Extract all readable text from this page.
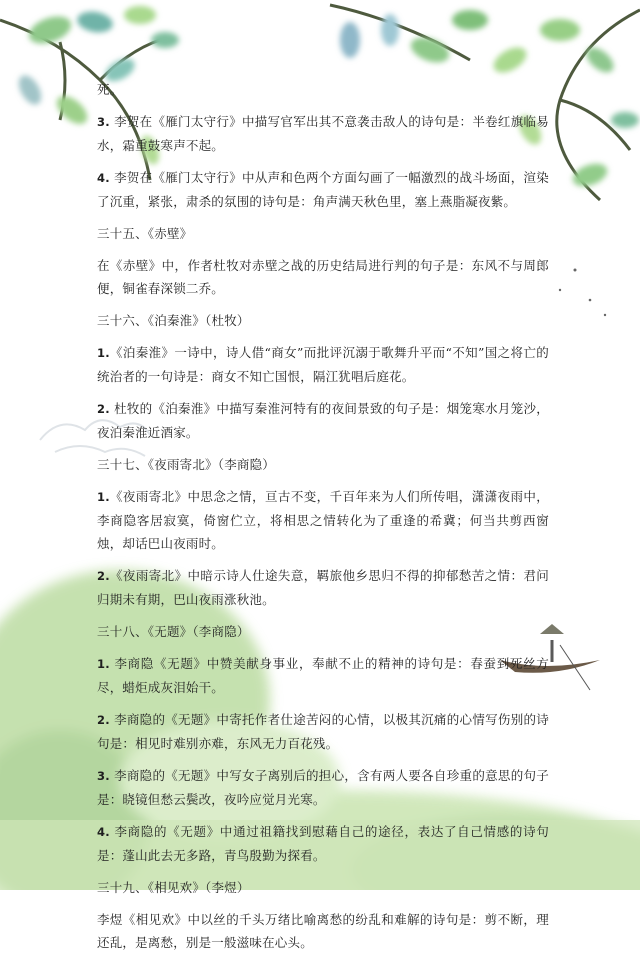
死。

3. 李贺在《雁门太守行》中描写官军出其不意袭击敌人的诗句是：半卷红旗临易水，霜重鼓寒声不起。

4. 李贺在《雁门太守行》中从声和色两个方面勾画了一幅激烈的战斗场面，渲染了沉重，紧张，肃杀的氛围的诗句是：角声满天秋色里，塞上燕脂凝夜紫。

三十五、《赤壁》

在《赤壁》中，作者杜牧对赤壁之战的历史结局进行判的句子是：东风不与周郎便，铜雀春深锁二乔。

三十六、《泊秦淮》（杜牧）

1.《泊秦淮》一诗中，诗人借“商女”而批评沉溺于歌舞升平而“不知”国之将亡的统治者的一句诗是：商女不知亡国恨，隔江犹唱后庭花。

2. 杜牧的《泊秦淮》中描写秦淮河特有的夜间景致的句子是：烟笼寒水月笼沙，夜泊秦淮近酒家。

三十七、《夜雨寄北》（李商隐）

1.《夜雨寄北》中思念之情，亘古不变，千百年来为人们所传唱，潇潇夜雨中，李商隐客居寂寞，倚窗伫立，将相思之情转化为了重逢的希冀；何当共剪西窗烛，却话巴山夜雨时。

2.《夜雨寄北》中暗示诗人仕途失意，羁旅他乡思归不得的抑郁愁苦之情：君问归期未有期，巴山夜雨涨秋池。

三十八、《无题》（李商隐）

1. 李商隐《无题》中赞美献身事业，奉献不止的精神的诗句是：春蚕到死丝方尽，蜡炬成灰泪始干。

2. 李商隐的《无题》中寄托作者仕途苦闷的心情，以极其沉痛的心情写伤别的诗句是：相见时难别亦难，东风无力百花残。

3. 李商隐的《无题》中写女子离别后的担心，含有两人要各自珍重的意思的句子是：晓镜但愁云鬓改，夜吟应觉月光寒。

4. 李商隐的《无题》中通过祖籍找到慰藉自己的途径，表达了自己情感的诗句是：蓬山此去无多路，青鸟殷勤为探看。

三十九、《相见欢》（李煜）

李煜《相见欢》中以丝的千头万绪比喻离愁的纷乱和难解的诗句是：剪不断，理还乱，是离愁，别是一般滋味在心头。
